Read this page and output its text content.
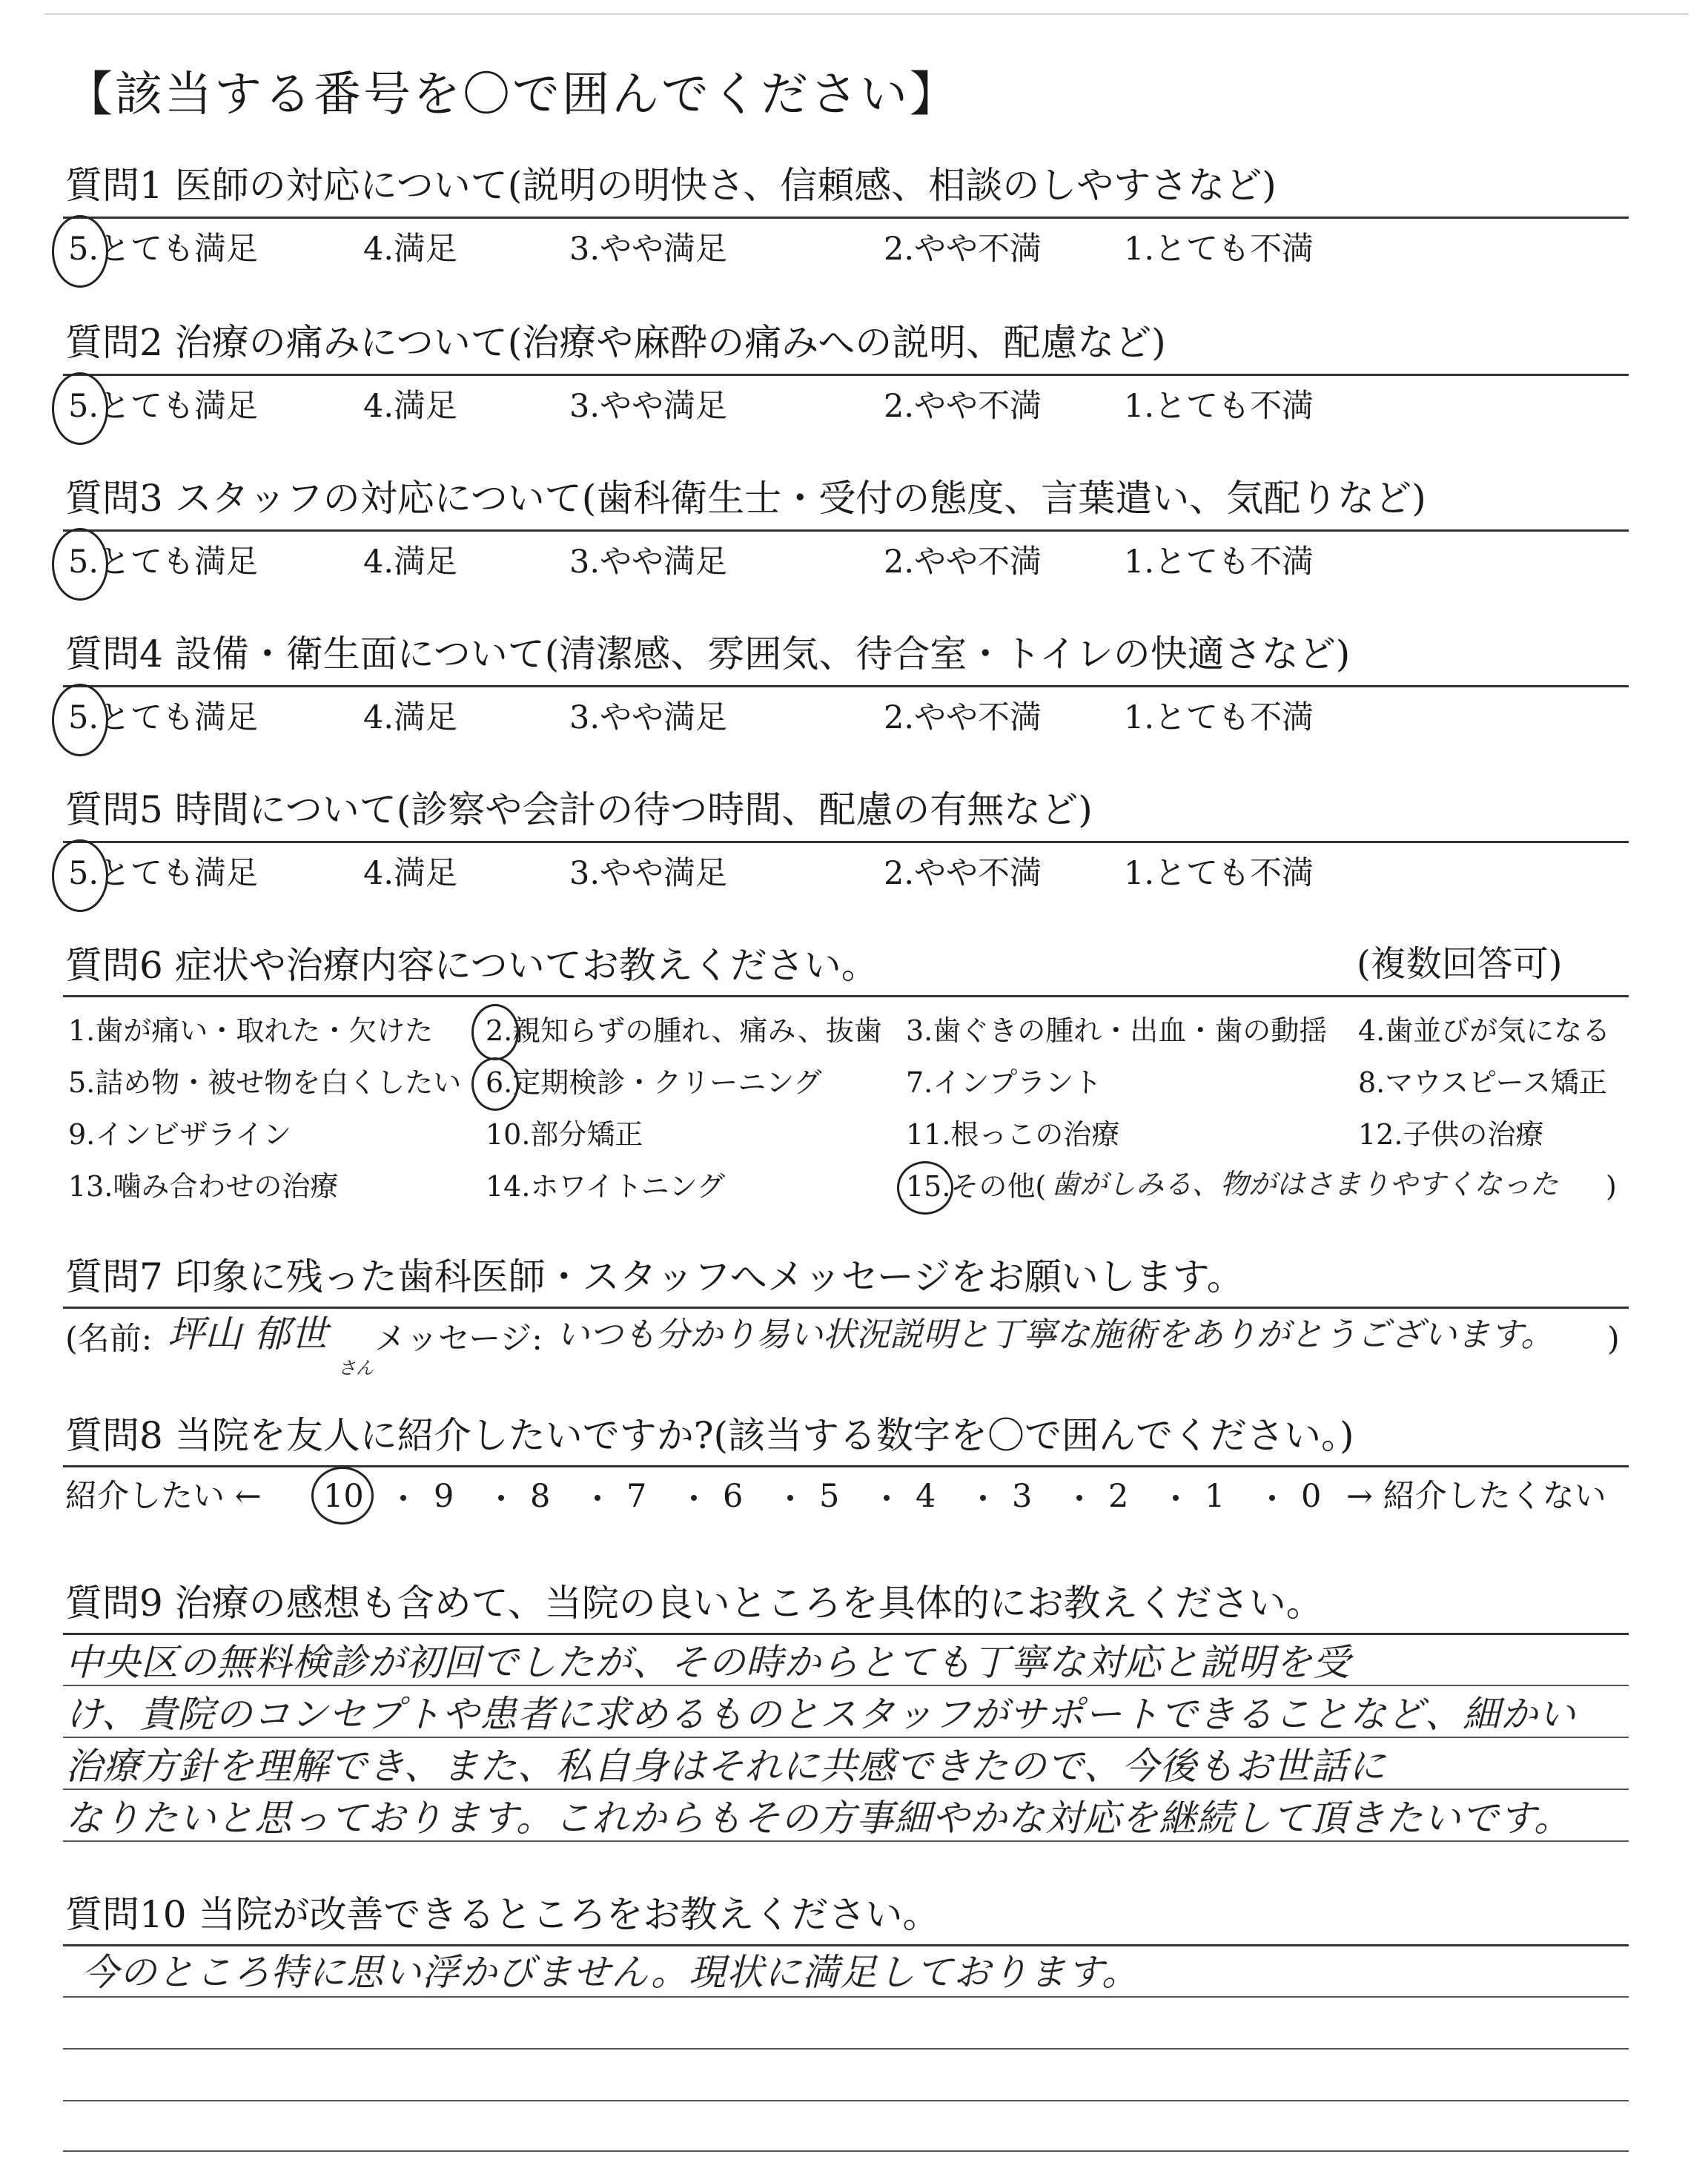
【該当する番号を〇で囲んでください】
質問1 医師の対応について(説明の明快さ、信頼感、相談のしやすさなど)
5.とても満足	4.満足	3.やや満足	2.やや不満	1.とても不満
質問2 治療の痛みについて(治療や麻酔の痛みへの説明、配慮など)
5.とても満足	4.満足	3.やや満足	2.やや不満	1.とても不満
質問3 スタッフの対応について(歯科衛生士・受付の態度、言葉遣い、気配りなど)
5.とても満足	4.満足	3.やや満足	2.やや不満	1.とても不満
質問4 設備・衛生面について(清潔感、雰囲気、待合室・トイレの快適さなど)
5.とても満足	4.満足	3.やや満足	2.やや不満	1.とても不満
質問5 時間について(診察や会計の待つ時間、配慮の有無など)
5.とても満足	4.満足	3.やや満足	2.やや不満	1.とても不満
質問6 症状や治療内容についてお教えください。	(複数回答可)
1.歯が痛い・取れた・欠けた 2.親知らずの腫れ、痛み、抜歯 3.歯ぐきの腫れ・出血・歯の動揺 4.歯並びが気になる
5.詰め物・被せ物を白くしたい 6.定期検診・クリーニング	7.インプラント	8.マウスピース矯正
9.インビザライン	10.部分矯正	11.根っこの治療	12.子供の治療
13.噛み合わせの治療	14.ホワイトニング	15.その他( 歯がしみる、物がはさまりやすくなった )
質問7 印象に残った歯科医師・スタッフへメッセージをお願いします。
(名前: 坪山 郁世
さん
メッセージ: いつも分かり易い状況説明と丁寧な施術をありがとうございます。 )
質問8 当院を友人に紹介したいですか?(該当する数字を〇で囲んでください。)
紹介したい ← 10 9 8 7 6 5 4 3 2 1 0 → 紹介したくない
質問9 治療の感想も含めて、当院の良いところを具体的にお教えください。
中央区の無料検診が初回でしたが、その時からとても丁寧な対応と説明を受
け、貴院のコンセプトや患者に求めるものとスタッフがサポートできることなど、細かい
治療方針を理解でき、また、私自身はそれに共感できたので、今後もお世話に
なりたいと思っております。これからもその方事細やかな対応を継続して頂きたいです。
質問10 当院が改善できるところをお教えください。
今のところ特に思い浮かびません。現状に満足しております。
